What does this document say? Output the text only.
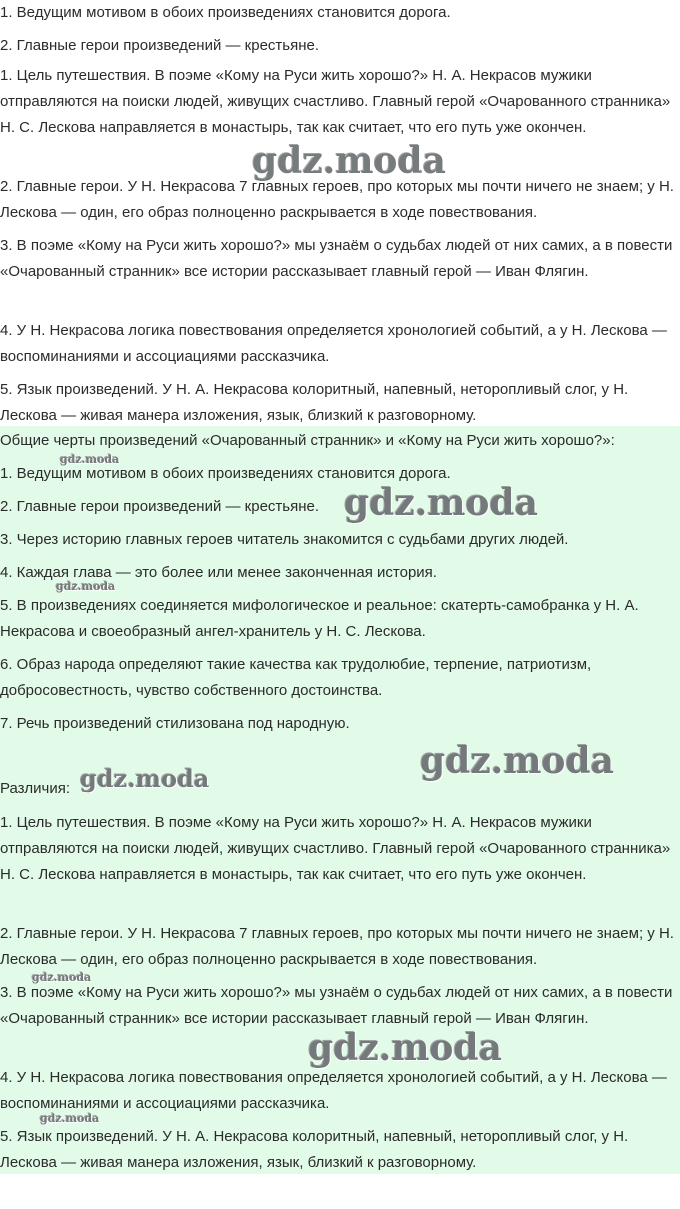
1. Ведущим мотивом в обоих произведениях становится дорога.

2. Главные герои произведений — крестьяне.

1. Цель путешествия. В поэме «Кому на Руси жить хорошо?» Н. А. Некрасов мужики отправляются на поиски людей, живущих счастливо. Главный герой «Очарованного странника» Н. С. Лескова направляется в монастырь, так как считает, что его путь уже окончен.

2. Главные герои. У Н. Некрасова 7 главных героев, про которых мы почти ничего не знаем; у Н. Лескова — один, его образ полноценно раскрывается в ходе повествования.

3. В поэме «Кому на Руси жить хорошо?» мы узнаём о судьбах людей от них самих, а в повести «Очарованный странник» все истории рассказывает главный герой — Иван Флягин.

4. У Н. Некрасова логика повествования определяется хронологией событий, а у Н. Лескова — воспоминаниями и ассоциациями рассказчика.

5. Язык произведений. У Н. А. Некрасова колоритный, напевный, неторопливый слог, у Н. Лескова — живая манера изложения, язык, близкий к разговорному.

Общие черты произведений «Очарованный странник» и «Кому на Руси жить хорошо?»:

1. Ведущим мотивом в обоих произведениях становится дорога.

2. Главные герои произведений — крестьяне.

3. Через историю главных героев читатель знакомится с судьбами других людей.

4. Каждая глава — это более или менее законченная история.

5. В произведениях соединяется мифологическое и реальное: скатерть-самобранка у Н. А. Некрасова и своеобразный ангел-хранитель у Н. С. Лескова.

6. Образ народа определяют такие качества как трудолюбие, терпение, патриотизм, добросовестность, чувство собственного достоинства.

7. Речь произведений стилизована под народную.

Различия:

1. Цель путешествия. В поэме «Кому на Руси жить хорошо?» Н. А. Некрасов мужики отправляются на поиски людей, живущих счастливо. Главный герой «Очарованного странника» Н. С. Лескова направляется в монастырь, так как считает, что его путь уже окончен.

2. Главные герои. У Н. Некрасова 7 главных героев, про которых мы почти ничего не знаем; у Н. Лескова — один, его образ полноценно раскрывается в ходе повествования.

3. В поэме «Кому на Руси жить хорошо?» мы узнаём о судьбах людей от них самих, а в повести «Очарованный странник» все истории рассказывает главный герой — Иван Флягин.

4. У Н. Некрасова логика повествования определяется хронологией событий, а у Н. Лескова — воспоминаниями и ассоциациями рассказчика.

5. Язык произведений. У Н. А. Некрасова колоритный, напевный, неторопливый слог, у Н. Лескова — живая манера изложения, язык, близкий к разговорному.

gdz.moda
gdz.moda
gdz.moda
gdz.moda
gdz.moda
gdz.moda
gdz.moda
gdz.moda
gdz.moda
